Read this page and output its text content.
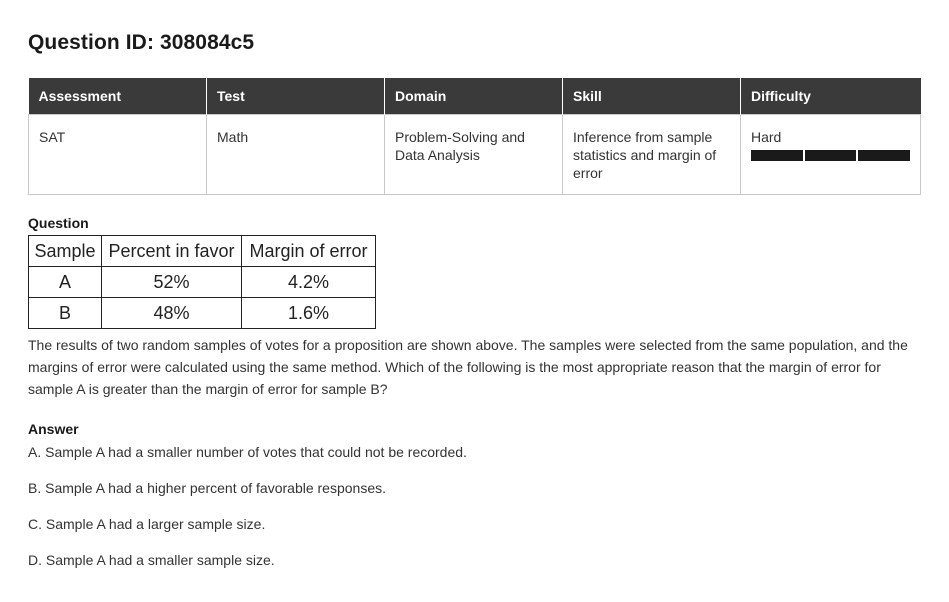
Question ID: 308084c5
Assessment	Test	Domain	Skill	Difficulty
SAT	Math	Problem-Solving and Data Analysis	Inference from sample statistics and margin of error	Hard
Question
Sample	Percent in favor	Margin of error
A	52%	4.2%
B	48%	1.6%
The results of two random samples of votes for a proposition are shown above. The samples were selected from the same population, and the margins of error were calculated using the same method. Which of the following is the most appropriate reason that the margin of error for sample A is greater than the margin of error for sample B?
Answer
A. Sample A had a smaller number of votes that could not be recorded.
B. Sample A had a higher percent of favorable responses.
C. Sample A had a larger sample size.
D. Sample A had a smaller sample size.
